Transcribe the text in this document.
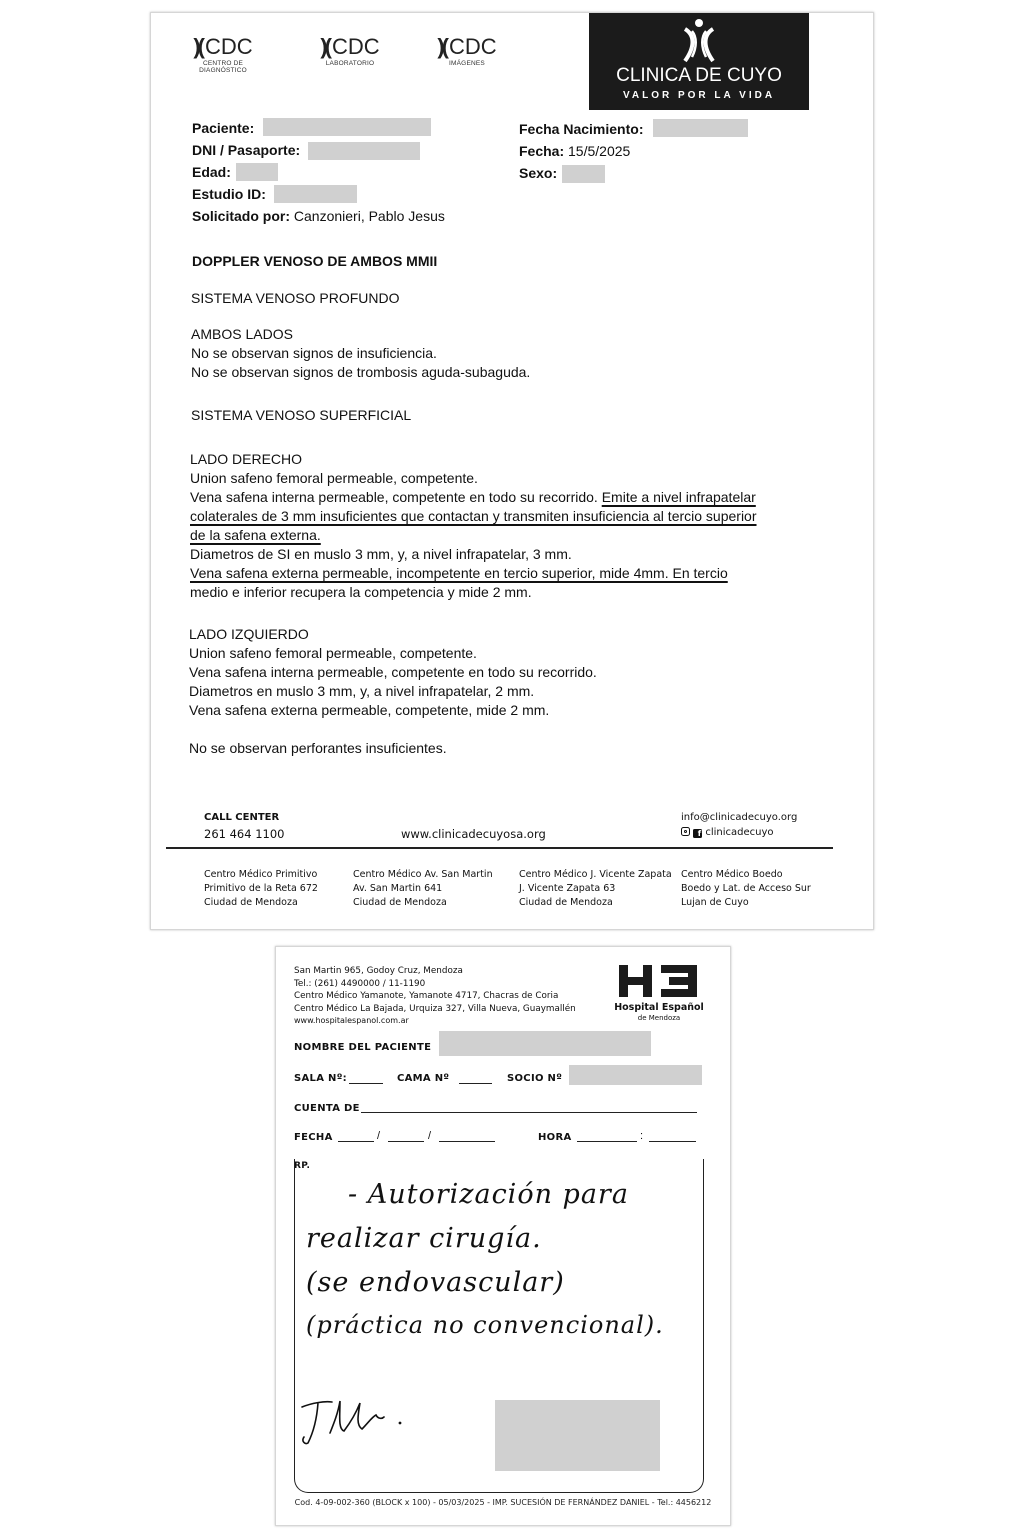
)( CDC
CENTRO DE DIAGNÓSTICO
)( CDC
LABORATORIO
)( CDC
IMÁGENES
CLINICA DE CUYO
VALOR POR LA VIDA
Paciente:
DNI / Pasaporte:
Edad:
Estudio ID:
Solicitado por: Canzonieri, Pablo Jesus
Fecha Nacimiento:
Fecha: 15/5/2025
Sexo:
DOPPLER VENOSO DE AMBOS MMII
SISTEMA VENOSO PROFUNDO
AMBOS LADOS
No se observan signos de insuficiencia.
No se observan signos de trombosis aguda-subaguda.
SISTEMA VENOSO SUPERFICIAL
LADO DERECHO
Union safeno femoral permeable, competente.
Vena safena interna permeable, competente en todo su recorrido. Emite a nivel infrapatelar
colaterales de 3 mm insuficientes que contactan y transmiten insuficiencia al tercio superior
de la safena externa.
Diametros de SI en muslo 3 mm, y, a nivel infrapatelar, 3 mm.
Vena safena externa permeable, incompetente en tercio superior, mide 4mm. En tercio
medio e inferior recupera la competencia y mide 2 mm.
LADO IZQUIERDO
Union safeno femoral permeable, competente.
Vena safena interna permeable, competente en todo su recorrido.
Diametros en muslo 3 mm, y, a nivel infrapatelar, 2 mm.
Vena safena externa permeable, competente, mide 2 mm.
No se observan perforantes insuficientes.
CALL CENTER
261 464 1100	www.clinicadecuyosa.org
info@clinicadecuyo.org
f clinicadecuyo
Centro Médico Primitivo
Primitivo de la Reta 672
Ciudad de Mendoza
Centro Médico Av. San Martin
Av. San Martin 641
Ciudad de Mendoza
Centro Médico J. Vicente Zapata
J. Vicente Zapata 63
Ciudad de Mendoza
Centro Médico Boedo
Boedo y Lat. de Acceso Sur
Lujan de Cuyo
San Martin 965, Godoy Cruz, Mendoza
Tel.: (261) 4490000 / 11-1190
Centro Médico Yamanote, Yamanote 4717, Chacras de Coria
Centro Médico La Bajada, Urquiza 327, Villa Nueva, Guaymallén
www.hospitalespanol.com.ar
Hospital Español
de Mendoza
NOMBRE DEL PACIENTE
SALA Nº:	CAMA Nº	SOCIO Nº
CUENTA DE
FECHA	/	/	HORA	:
RP.
- Autorización para
realizar cirugía.
(se endovascular)
(práctica no convencional).
Cod. 4-09-002-360 (BLOCK x 100) - 05/03/2025 - IMP. SUCESIÓN DE FERNÁNDEZ DANIEL - Tel.: 4456212
